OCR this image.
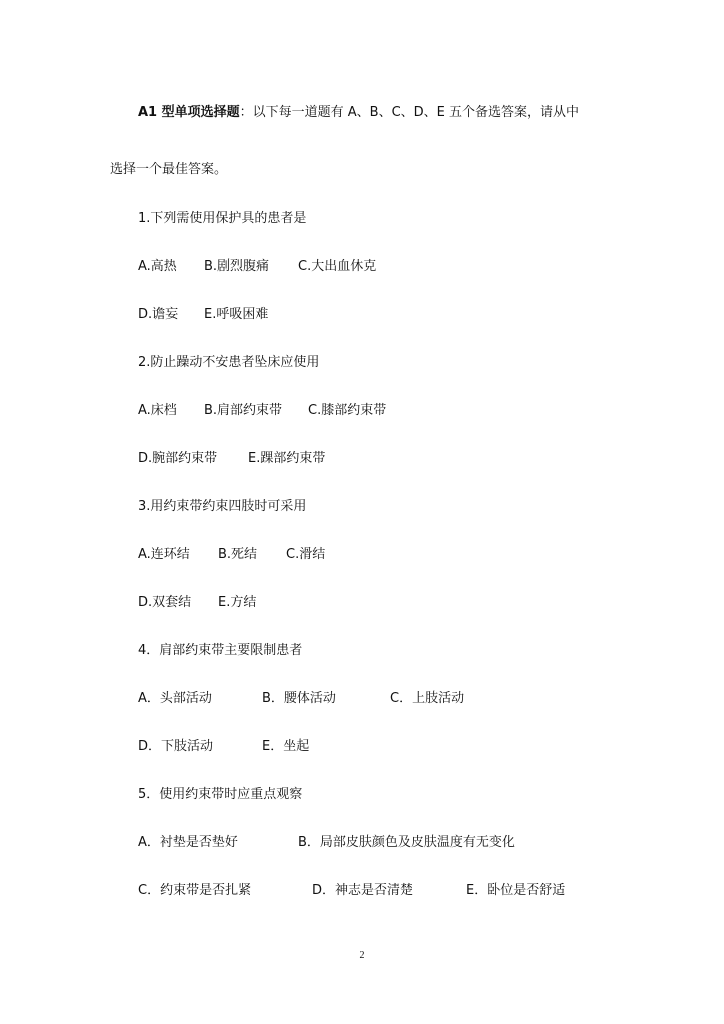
A1 型单项选择题：以下每一道题有 A、B、C、D、E 五个备选答案，请从中
选择一个最佳答案。
1.下列需使用保护具的患者是
A.高热 B.剧烈腹痛 C.大出血休克
D.谵妄 E.呼吸困难
2.防止躁动不安患者坠床应使用
A.床档 B.肩部约束带 C.膝部约束带
D.腕部约束带 E.踝部约束带
3.用约束带约束四肢时可采用
A.连环结 B.死结 C.滑结
D.双套结 E.方结
4．肩部约束带主要限制患者
A．头部活动	B．腰体活动	C．上肢活动
D．下肢活动	E．坐起
5．使用约束带时应重点观察
A．衬垫是否垫好	B．局部皮肤颜色及皮肤温度有无变化
C．约束带是否扎紧	D．神志是否清楚	E．卧位是否舒适
2
